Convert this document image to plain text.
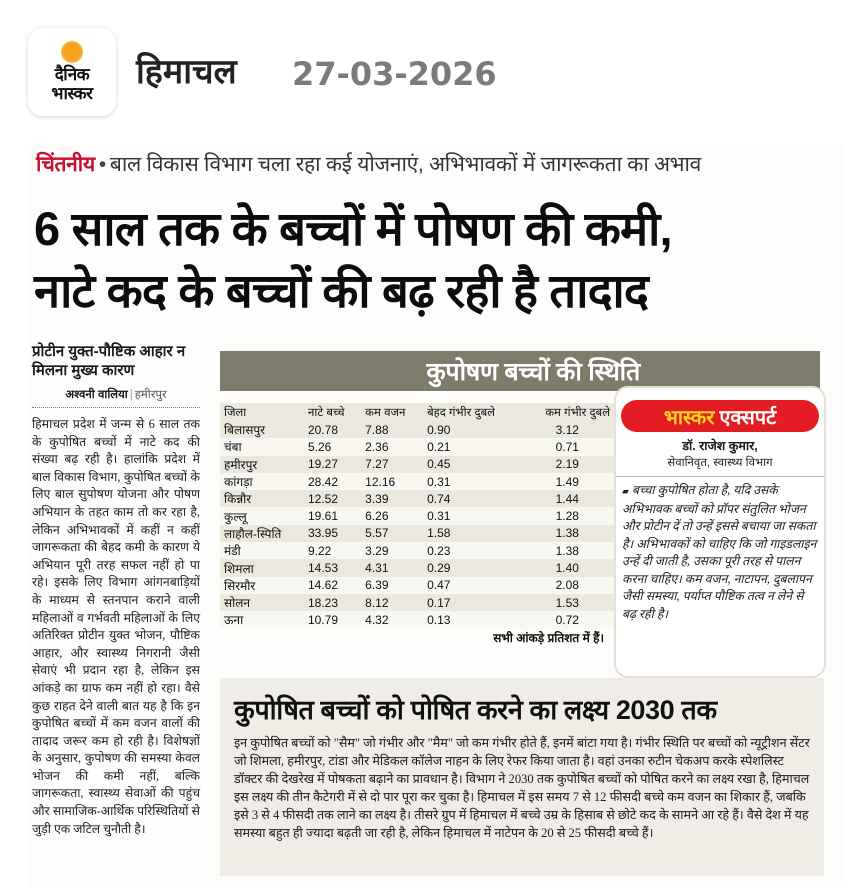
दैनिक
भास्कर
हिमाचल 27-03-2026
चिंतनीय • बाल विकास विभाग चला रहा कई योजनाएं, अभिभावकों में जागरूकता का अभाव
6 साल तक के बच्चों में पोषण की कमी,
नाटे कद के बच्चों की बढ़ रही है तादाद
प्रोटीन युक्त-पौष्टिक आहार न मिलना मुख्य कारण
अश्वनी वालिया | हमीरपुर
हिमाचल प्रदेश में जन्म से 6 साल तक के कुपोषित बच्चों में नाटे कद की संख्या बढ़ रही है। हालांकि प्रदेश में बाल विकास विभाग, कुपोषित बच्चों के लिए बाल सुपोषण योजना और पोषण अभियान के तहत काम तो कर रहा है, लेकिन अभिभावकों में कहीं न कहीं जागरूकता की बेहद कमी के कारण ये अभियान पूरी तरह सफल नहीं हो पा रहे। इसके लिए विभाग आंगनबाड़ियों के माध्यम से स्तनपान कराने वाली महिलाओं व गर्भवती महिलाओं के लिए अतिरिक्त प्रोटीन युक्त भोजन, पौष्टिक आहार, और स्वास्थ्य निगरानी जैसी सेवाएं भी प्रदान रहा है, लेकिन इस आंकड़े का ग्राफ कम नहीं हो रहा। वैसे कुछ राहत देने वाली बात यह है कि इन कुपोषित बच्चों में कम वजन वालों की तादाद जरूर कम हो रही है। विशेषज्ञों के अनुसार, कुपोषण की समस्या केवल भोजन की कमी नहीं, बल्कि जागरूकता, स्वास्थ्य सेवाओं की पहुंच और सामाजिक-आर्थिक परिस्थितियों से जुड़ी एक जटिल चुनौती है।
कुपोषण बच्चों की स्थिति
जिला	नाटे बच्चे	कम वजन	बेहद गंभीर दुबले	कम गंभीर दुबले
बिलासपुर	20.78	7.88	0.90	3.12
चंबा	5.26	2.36	0.21	0.71
हमीरपुर	19.27	7.27	0.45	2.19
कांगड़ा	28.42	12.16	0.31	1.49
किन्नौर	12.52	3.39	0.74	1.44
कुल्लू	19.61	6.26	0.31	1.28
लाहौल-स्पिति	33.95	5.57	1.58	1.38
मंडी	9.22	3.29	0.23	1.38
शिमला	14.53	4.31	0.29	1.40
सिरमौर	14.62	6.39	0.47	2.08
सोलन	18.23	8.12	0.17	1.53
ऊना	10.79	4.32	0.13	0.72
सभी आंकड़े प्रतिशत में हैं।
भास्कर एक्सपर्ट
डॉ. राजेश कुमार,
सेवानिवृत, स्वास्थ्य विभाग
▰ बच्चा कुपोषित होता है, यदि उसके अभिभावक बच्चों को प्रॉपर संतुलित भोजन और प्रोटीन दें तो उन्हें इससे बचाया जा सकता है। अभिभावकों को चाहिए कि जो गाइडलाइन उन्हें दी जाती है, उसका पूरी तरह से पालन करना चाहिए। कम वजन, नाटापन, दुबलापन जैसी समस्या, पर्याप्त पौष्टिक तत्व न लेने से बढ़ रही है।
कुपोषित बच्चों को पोषित करने का लक्ष्य 2030 तक
इन कुपोषित बच्चों को "सैम" जो गंभीर और "मैम" जो कम गंभीर होते हैं, इनमें बांटा गया है। गंभीर स्थिति पर बच्चों को न्यूट्रीशन सेंटर जो शिमला, हमीरपुर, टांडा और मेडिकल कॉलेज नाहन के लिए रेफर किया जाता है। वहां उनका रुटीन चेकअप करके स्पेशलिस्ट डॉक्टर की देखरेख में पोषकता बढ़ाने का प्रावधान है। विभाग ने 2030 तक कुपोषित बच्चों को पोषित करने का लक्ष्य रखा है, हिमाचल इस लक्ष्य की तीन कैटेगरी में से दो पार पूरा कर चुका है। हिमाचल में इस समय 7 से 12 फीसदी बच्चे कम वजन का शिकार हैं, जबकि इसे 3 से 4 फीसदी तक लाने का लक्ष्य है। तीसरे ग्रुप में हिमाचल में बच्चे उम्र के हिसाब से छोटे कद के सामने आ रहे हैं। वैसे देश में यह समस्या बहुत ही ज्यादा बढ़ती जा रही है, लेकिन हिमाचल में नाटेपन के 20 से 25 फीसदी बच्चे हैं।
